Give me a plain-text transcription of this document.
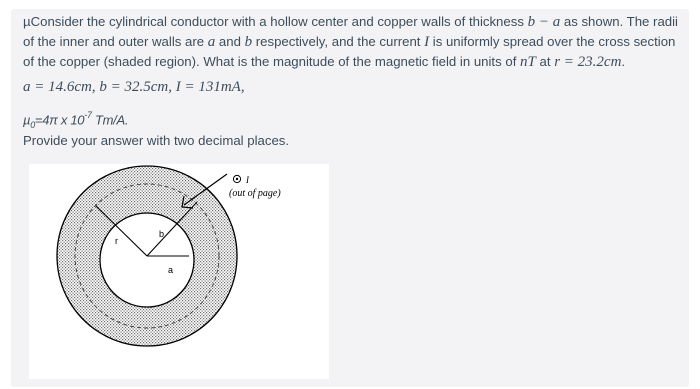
µConsider the cylindrical conductor with a hollow center and copper walls of thickness b − a as shown. The radii
of the inner and outer walls are a and b respectively, and the current I is uniformly spread over the cross section
of the copper (shaded region). What is the magnitude of the magnetic field in units of nT at r = 23.2cm.
a = 14.6cm, b = 32.5cm, I = 131mA,
µ$_0$=4π x $10^{-7}$ Tm/A.
Provide your answer with two decimal places.
r
b
a
I
(out of page)
